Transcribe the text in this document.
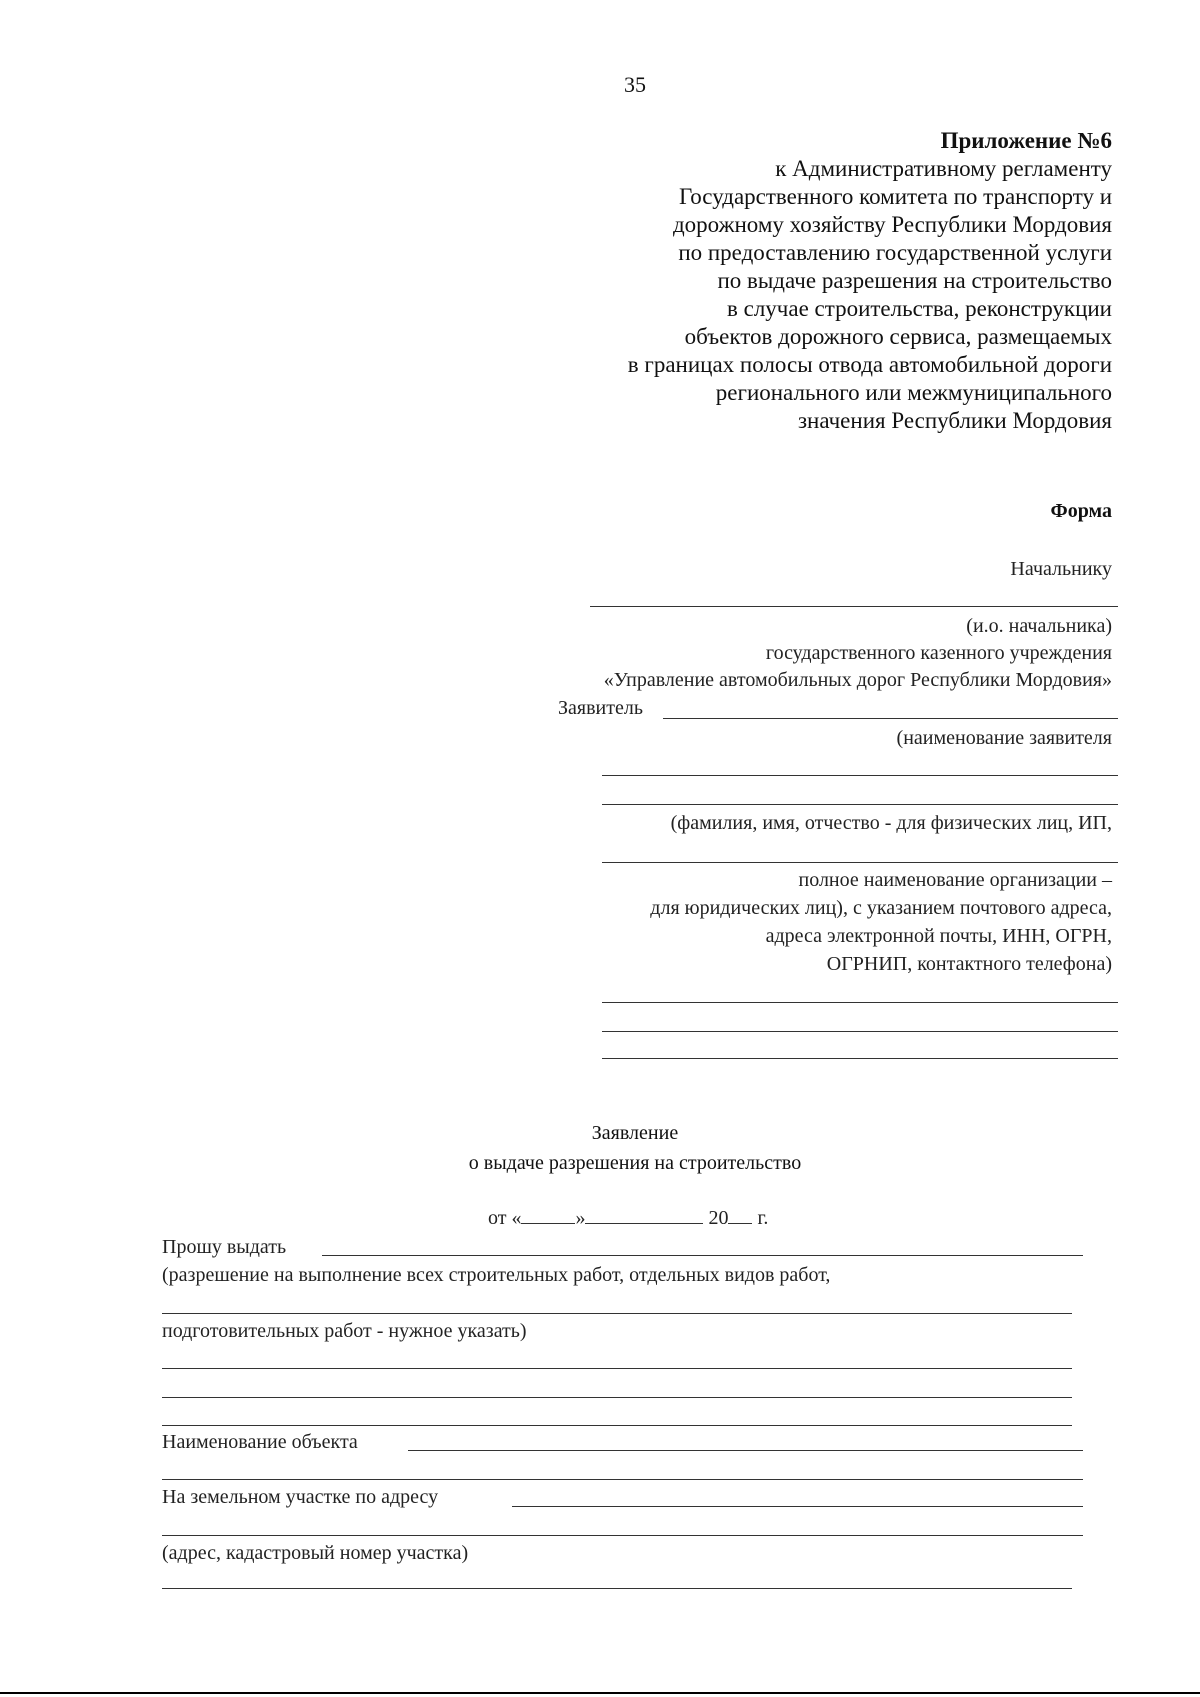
35
Приложение №6
к Административному регламенту
Государственного комитета по транспорту и
дорожному хозяйству Республики Мордовия
по предоставлению государственной услуги
по выдаче разрешения на строительство
в случае строительства, реконструкции
объектов дорожного сервиса, размещаемых
в границах полосы отвода автомобильной дороги
регионального или межмуниципального
значения Республики Мордовия
Форма
Начальнику
(и.о. начальника)
государственного казенного учреждения
«Управление автомобильных дорог Республики Мордовия»
Заявитель
(наименование заявителя
(фамилия, имя, отчество - для физических лиц, ИП,
полное наименование организации –
для юридических лиц), с указанием почтового адреса,
адреса электронной почты, ИНН, ОГРН,
ОГРНИП, контактного телефона)
Заявление
о выдаче разрешения на строительство
от «	»	20 г.
Прошу выдать
(разрешение на выполнение всех строительных работ, отдельных видов работ,
подготовительных работ - нужное указать)
Наименование объекта
На земельном участке по адресу
(адрес, кадастровый номер участка)
